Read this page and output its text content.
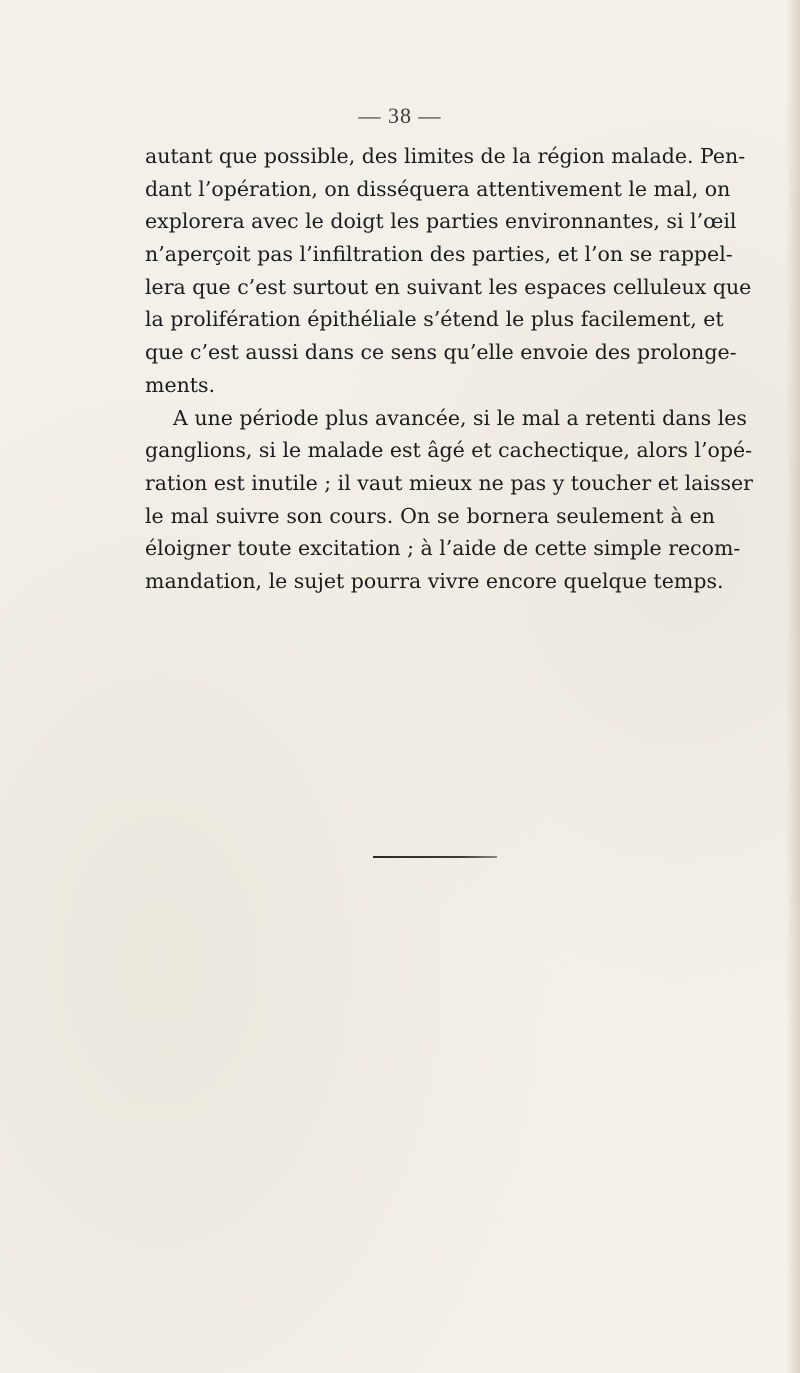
— 38 —
autant que possible, des limites de la région malade. Pen-
dant l’opération, on disséquera attentivement le mal, on
explorera avec le doigt les parties environnantes, si l’œil
n’aperçoit pas l’infiltration des parties, et l’on se rappel-
lera que c’est surtout en suivant les espaces celluleux que
la prolifération épithéliale s’étend le plus facilement, et
que c’est aussi dans ce sens qu’elle envoie des prolonge-
ments.
A une période plus avancée, si le mal a retenti dans les
ganglions, si le malade est âgé et cachectique, alors l’opé-
ration est inutile ; il vaut mieux ne pas y toucher et laisser
le mal suivre son cours. On se bornera seulement à en
éloigner toute excitation ; à l’aide de cette simple recom-
mandation, le sujet pourra vivre encore quelque temps.
